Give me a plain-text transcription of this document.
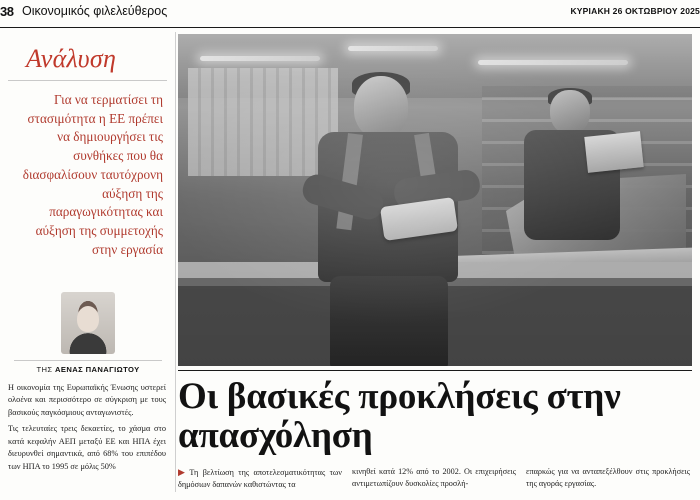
38 Οικονομικός φιλελεύθερος	ΚΥΡΙΑΚΗ 26 ΟΚΤΩΒΡΙΟΥ 2025
Ανάλυση
Για να τερματίσει τη στασιμότητα η ΕΕ πρέπει να δημιουργήσει τις συνθήκες που θα διασφαλίσουν ταυτόχρονη αύξηση της παραγωγικότητας και αύξηση της συμμετοχής στην εργασία
ΤΗΣ ΑΕΝΑΣ ΠΑΝΑΓΙΩΤΟΥ

Η οικονομία της Ευρωπαϊκής Ένωσης υστερεί ολοένα και περισσότερο σε σύγκριση με τους βασικούς παγκόσμιους ανταγωνιστές.

Τις τελευταίες τρεις δεκαετίες, το χάσμα στο κατά κεφαλήν ΑΕΠ μεταξύ ΕΕ και ΗΠΑ έχει διευρυνθεί σημαντικά, από 68% του επιπέδου των ΗΠΑ το 1995 σε μόλις 50%

Οι βασικές προκλήσεις στην απασχόληση

▶ Τη βελτίωση της αποτελεσματικότητας των δημόσιων δαπανών καθιστώντας τα

κινηθεί κατά 12% από το 2002. Οι επιχειρήσεις αντιμετωπίζουν δυσκολίες προσλή-

επαρκώς για να ανταπεξέλθουν στις προκλήσεις της αγοράς εργασίας.
